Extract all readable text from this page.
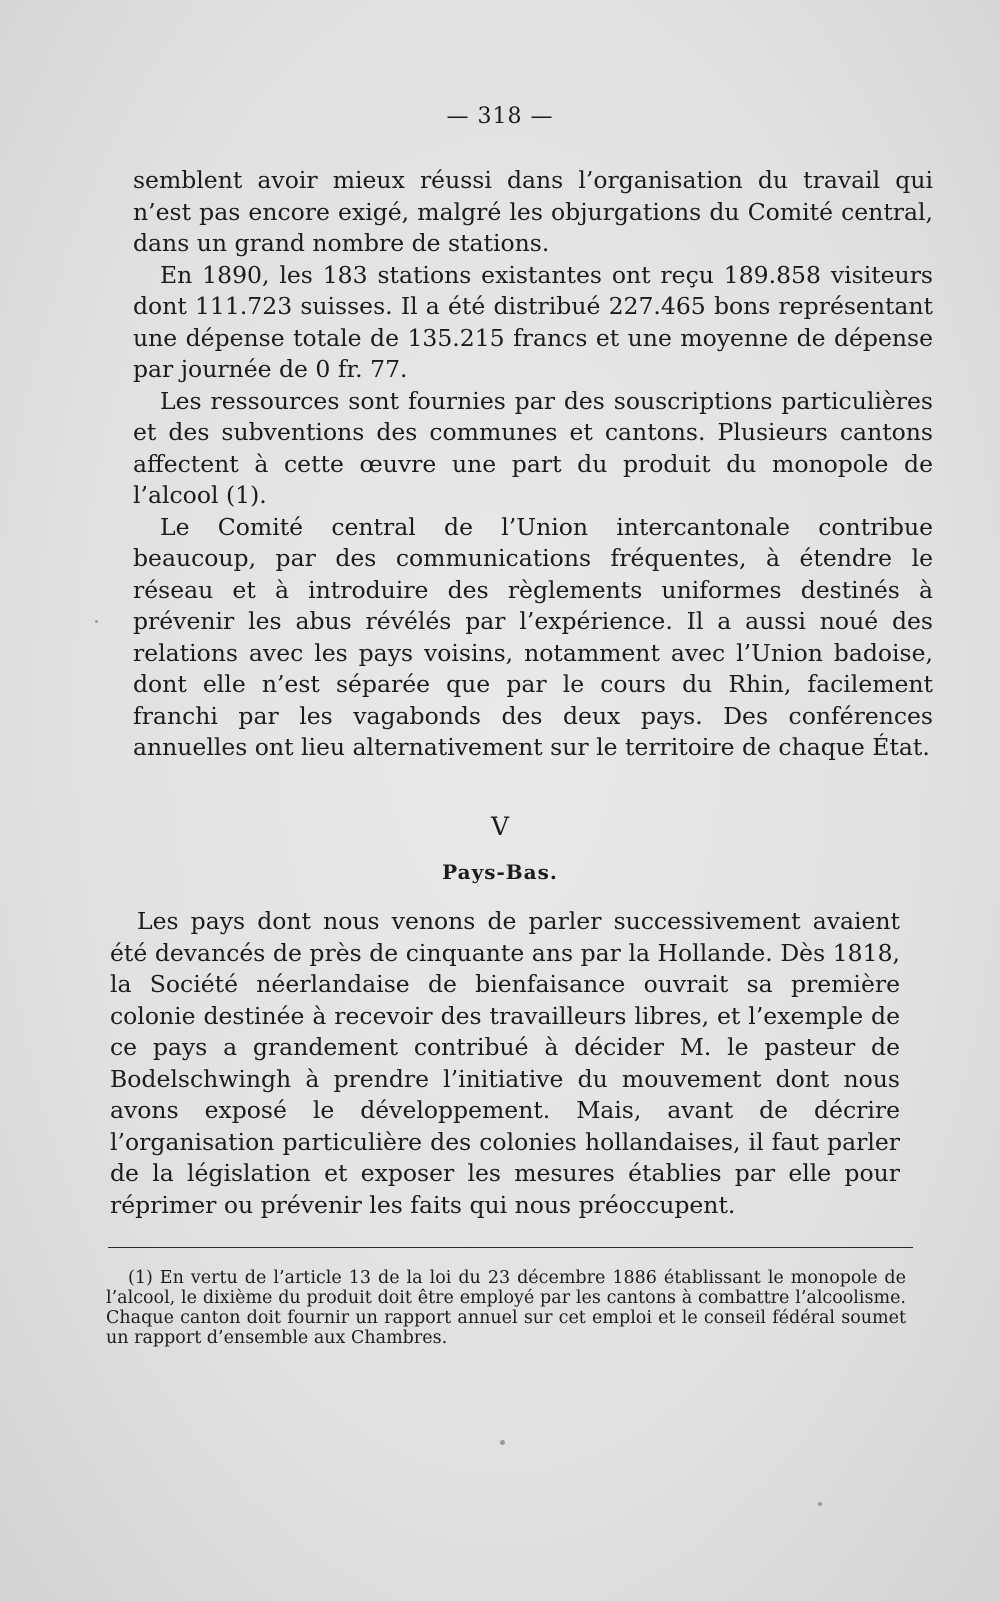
— 318 —

semblent avoir mieux réussi dans l’organisation du travail qui n’est pas encore exigé, malgré les objurgations du Comité central, dans un grand nombre de stations.

En 1890, les 183 stations existantes ont reçu 189.858 visiteurs dont 111.723 suisses. Il a été distribué 227.465 bons représentant une dépense totale de 135.215 francs et une moyenne de dépense par journée de 0 fr. 77.

Les ressources sont fournies par des souscriptions particulières et des subventions des communes et cantons. Plusieurs cantons affectent à cette œuvre une part du produit du monopole de l’alcool (1).

Le Comité central de l’Union intercantonale contribue beaucoup, par des communications fréquentes, à étendre le réseau et à introduire des règlements uniformes destinés à prévenir les abus révélés par l’expérience. Il a aussi noué des relations avec les pays voisins, notamment avec l’Union badoise, dont elle n’est séparée que par le cours du Rhin, facilement franchi par les vagabonds des deux pays. Des conférences annuelles ont lieu alternativement sur le territoire de chaque État.

V
Pays-Bas.

Les pays dont nous venons de parler successivement avaient été devancés de près de cinquante ans par la Hollande. Dès 1818, la Société néerlandaise de bienfaisance ouvrait sa première colonie destinée à recevoir des travailleurs libres, et l’exemple de ce pays a grandement contribué à décider M. le pasteur de Bodelschwingh à prendre l’initiative du mouvement dont nous avons exposé le développement. Mais, avant de décrire l’organisation particulière des colonies hollandaises, il faut parler de la législation et exposer les mesures établies par elle pour réprimer ou prévenir les faits qui nous préoccupent.

(1) En vertu de l’article 13 de la loi du 23 décembre 1886 établissant le monopole de l’alcool, le dixième du produit doit être employé par les cantons à combattre l’alcoolisme. Chaque canton doit fournir un rapport annuel sur cet emploi et le conseil fédéral soumet un rapport d’ensemble aux Chambres.
